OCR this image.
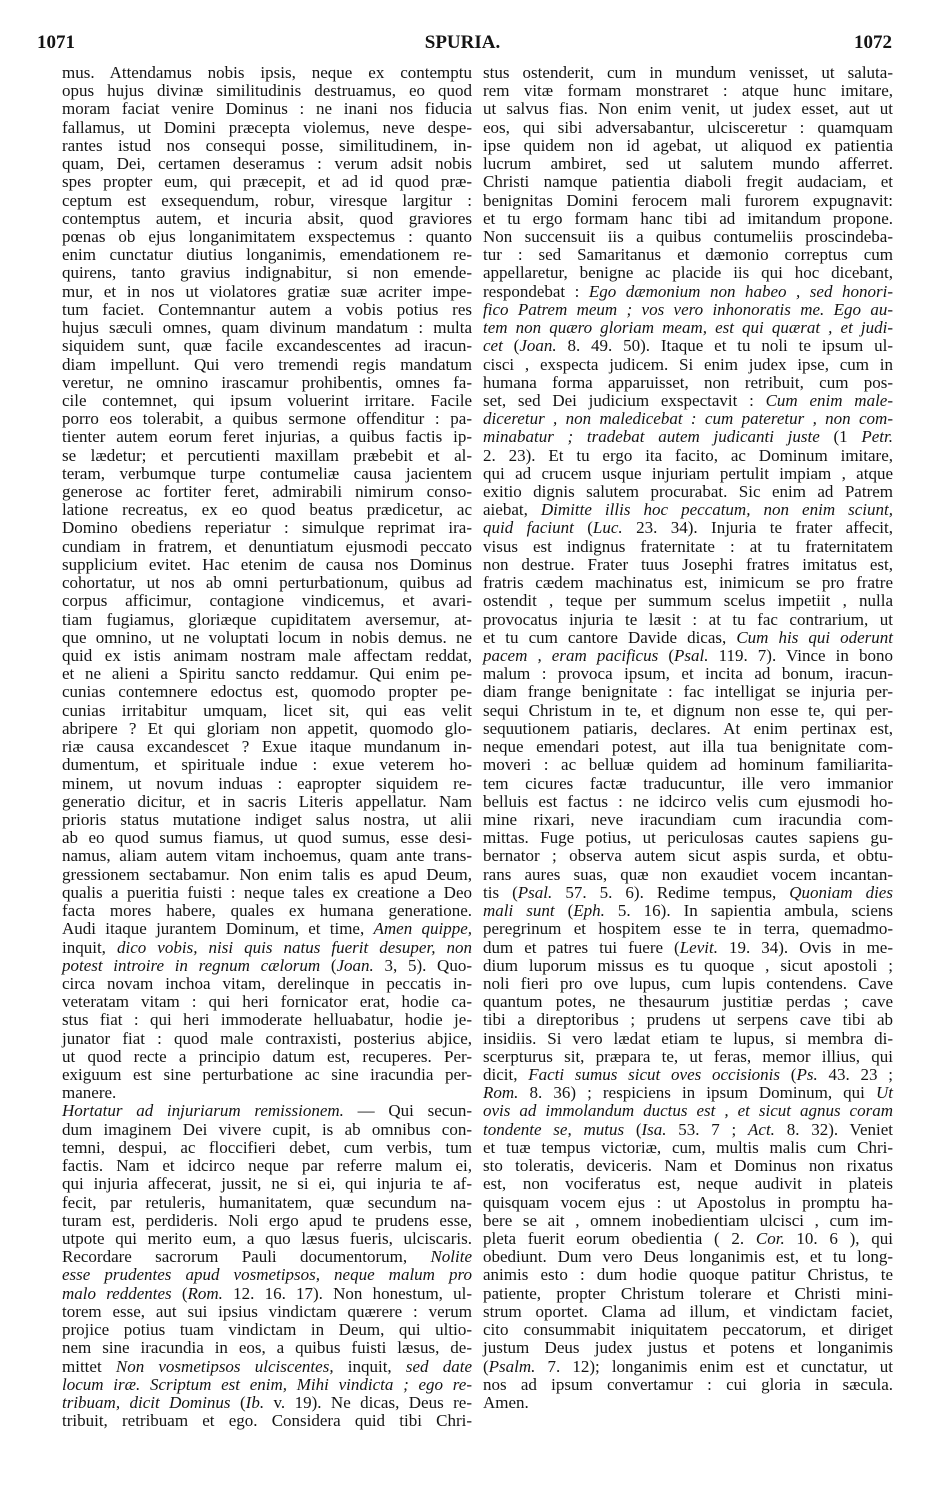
1071	SPURIA.	1072
mus. Attendamus nobis ipsis, neque ex contemptu
opus hujus divinæ similitudinis destruamus, eo quod
moram faciat venire Dominus : ne inani nos fiducia
fallamus, ut Domini præcepta violemus, neve despe-
rantes istud nos consequi posse, similitudinem, in-
quam, Dei, certamen deseramus : verum adsit nobis
spes propter eum, qui præcepit, et ad id quod præ-
ceptum est exsequendum, robur, viresque largitur :
contemptus autem, et incuria absit, quod graviores
pœnas ob ejus longanimitatem exspectemus : quanto
enim cunctatur diutius longanimis, emendationem re-
quirens, tanto gravius indignabitur, si non emende-
mur, et in nos ut violatores gratiæ suæ acriter impe-
tum faciet. Contemnantur autem a vobis potius res
hujus sæculi omnes, quam divinum mandatum : multa
siquidem sunt, quæ facile excandescentes ad iracun-
diam impellunt. Qui vero tremendi regis mandatum
veretur, ne omnino irascamur prohibentis, omnes fa-
cile contemnet, qui ipsum voluerint irritare. Facile
porro eos tolerabit, a quibus sermone offenditur : pa-
tienter autem eorum feret injurias, a quibus factis ip-
se lædetur; et percutienti maxillam præbebit et al-
teram, verbumque turpe contumeliæ causa jacientem
generose ac fortiter feret, admirabili nimirum conso-
latione recreatus, ex eo quod beatus prædicetur, ac
Domino obediens reperiatur : simulque reprimat ira-
cundiam in fratrem, et denuntiatum ejusmodi peccato
supplicium evitet. Hac etenim de causa nos Dominus
cohortatur, ut nos ab omni perturbationum, quibus ad
corpus afficimur, contagione vindicemus, et avari-
tiam fugiamus, gloriæque cupiditatem aversemur, at-
que omnino, ut ne voluptati locum in nobis demus. ne
quid ex istis animam nostram male affectam reddat,
et ne alieni a Spiritu sancto reddamur. Qui enim pe-
cunias contemnere edoctus est, quomodo propter pe-
cunias irritabitur umquam, licet sit, qui eas velit
abripere ? Et qui gloriam non appetit, quomodo glo-
riæ causa excandescet ? Exue itaque mundanum in-
dumentum, et spirituale indue : exue veterem ho-
minem, ut novum induas : eapropter siquidem re-
generatio dicitur, et in sacris Literis appellatur. Nam
prioris status mutatione indiget salus nostra, ut alii
ab eo quod sumus fiamus, ut quod sumus, esse desi-
namus, aliam autem vitam inchoemus, quam ante trans-
gressionem sectabamur. Non enim talis es apud Deum,
qualis a pueritia fuisti : neque tales ex creatione a Deo
facta mores habere, quales ex humana generatione.
Audi itaque jurantem Dominum, et time, Amen quippe,
inquit, dico vobis, nisi quis natus fuerit desuper, non
potest introire in regnum cælorum (Joan. 3, 5). Quo-
circa novam inchoa vitam, derelinque in peccatis in-
veteratam vitam : qui heri fornicator erat, hodie ca-
stus fiat : qui heri immoderate helluabatur, hodie je-
junator fiat : quod male contraxisti, posterius abjice,
ut quod recte a principio datum est, recuperes. Per-
exiguum est sine perturbatione ac sine iracundia per-
manere.
Hortatur ad injuriarum remissionem. — Qui secun-
dum imaginem Dei vivere cupit, is ab omnibus con-
temni, despui, ac floccifieri debet, cum verbis, tum
factis. Nam et idcirco neque par referre malum ei,
qui injuria affecerat, jussit, ne si ei, qui injuria te af-
fecit, par retuleris, humanitatem, quæ secundum na-
turam est, perdideris. Noli ergo apud te prudens esse,
utpote qui merito eum, a quo læsus fueris, ulciscaris.
Recordare sacrorum Pauli documentorum, Nolite
esse prudentes apud vosmetipsos, neque malum pro
malo reddentes (Rom. 12. 16. 17). Non honestum, ul-
torem esse, aut sui ipsius vindictam quærere : verum
projice potius tuam vindictam in Deum, qui ultio-
nem sine iracundia in eos, a quibus fuisti læsus, de-
mittet Non vosmetipsos ulciscentes, inquit, sed date
locum iræ. Scriptum est enim, Mihi vindicta ; ego re-
tribuam, dicit Dominus (Ib. v. 19). Ne dicas, Deus re-
tribuit, retribuam et ego. Considera quid tibi Chri-
stus ostenderit, cum in mundum venisset, ut saluta-
rem vitæ formam monstraret : atque hunc imitare,
ut salvus fias. Non enim venit, ut judex esset, aut ut
eos, qui sibi adversabantur, ulcisceretur : quamquam
ipse quidem non id agebat, ut aliquod ex patientia
lucrum ambiret, sed ut salutem mundo afferret.
Christi namque patientia diaboli fregit audaciam, et
benignitas Domini ferocem mali furorem expugnavit:
et tu ergo formam hanc tibi ad imitandum propone.
Non succensuit iis a quibus contumeliis proscindeba-
tur : sed Samaritanus et dæmonio correptus cum
appellaretur, benigne ac placide iis qui hoc dicebant,
respondebat : Ego dæmonium non habeo , sed honori-
fico Patrem meum ; vos vero inhonoratis me. Ego au-
tem non quæro gloriam meam, est qui quærat , et judi-
cet (Joan. 8. 49. 50). Itaque et tu noli te ipsum ul-
cisci , exspecta judicem. Si enim judex ipse, cum in
humana forma apparuisset, non retribuit, cum pos-
set, sed Dei judicium exspectavit : Cum enim male-
diceretur , non maledicebat : cum pateretur , non com-
minabatur ; tradebat autem judicanti juste (1 Petr.
2. 23). Et tu ergo ita facito, ac Dominum imitare,
qui ad crucem usque injuriam pertulit impiam , atque
exitio dignis salutem procurabat. Sic enim ad Patrem
aiebat, Dimitte illis hoc peccatum, non enim sciunt,
quid faciunt (Luc. 23. 34). Injuria te frater affecit,
visus est indignus fraternitate : at tu fraternitatem
non destrue. Frater tuus Josephi fratres imitatus est,
fratris cædem machinatus est, inimicum se pro fratre
ostendit , teque per summum scelus impetiit , nulla
provocatus injuria te læsit : at tu fac contrarium, ut
et tu cum cantore Davide dicas, Cum his qui oderunt
pacem , eram pacificus (Psal. 119. 7). Vince in bono
malum : provoca ipsum, et incita ad bonum, iracun-
diam frange benignitate : fac intelligat se injuria per-
sequi Christum in te, et dignum non esse te, qui per-
sequutionem patiaris, declares. At enim pertinax est,
neque emendari potest, aut illa tua benignitate com-
moveri : ac belluæ quidem ad hominum familiarita-
tem cicures factæ traducuntur, ille vero immanior
belluis est factus : ne idcirco velis cum ejusmodi ho-
mine rixari, neve iracundiam cum iracundia com-
mittas. Fuge potius, ut periculosas cautes sapiens gu-
bernator ; observa autem sicut aspis surda, et obtu-
rans aures suas, quæ non exaudiet vocem incantan-
tis (Psal. 57. 5. 6). Redime tempus, Quoniam dies
mali sunt (Eph. 5. 16). In sapientia ambula, sciens
peregrinum et hospitem esse te in terra, quemadmo-
dum et patres tui fuere (Levit. 19. 34). Ovis in me-
dium luporum missus es tu quoque , sicut apostoli ;
noli fieri pro ove lupus, cum lupis contendens. Cave
quantum potes, ne thesaurum justitiæ perdas ; cave
tibi a direptoribus ; prudens ut serpens cave tibi ab
insidiis. Si vero lædat etiam te lupus, si membra di-
scerpturus sit, præpara te, ut feras, memor illius, qui
dicit, Facti sumus sicut oves occisionis (Ps. 43. 23 ;
Rom. 8. 36) ; respiciens in ipsum Dominum, qui Ut
ovis ad immolandum ductus est , et sicut agnus coram
tondente se, mutus (Isa. 53. 7 ; Act. 8. 32). Veniet
et tuæ tempus victoriæ, cum, multis malis cum Chri-
sto toleratis, deviceris. Nam et Dominus non rixatus
est, non vociferatus est, neque audivit in plateis
quisquam vocem ejus : ut Apostolus in promptu ha-
bere se ait , omnem inobedientiam ulcisci , cum im-
pleta fuerit eorum obedientia ( 2. Cor. 10. 6 ), qui
obediunt. Dum vero Deus longanimis est, et tu long-
animis esto : dum hodie quoque patitur Christus, te
patiente, propter Christum tolerare et Christi mini-
strum oportet. Clama ad illum, et vindictam faciet,
cito consummabit iniquitatem peccatorum, et diriget
justum Deus judex justus et potens et longanimis
(Psalm. 7. 12); longanimis enim est et cunctatur, ut
nos ad ipsum convertamur : cui gloria in sæcula.
Amen.
